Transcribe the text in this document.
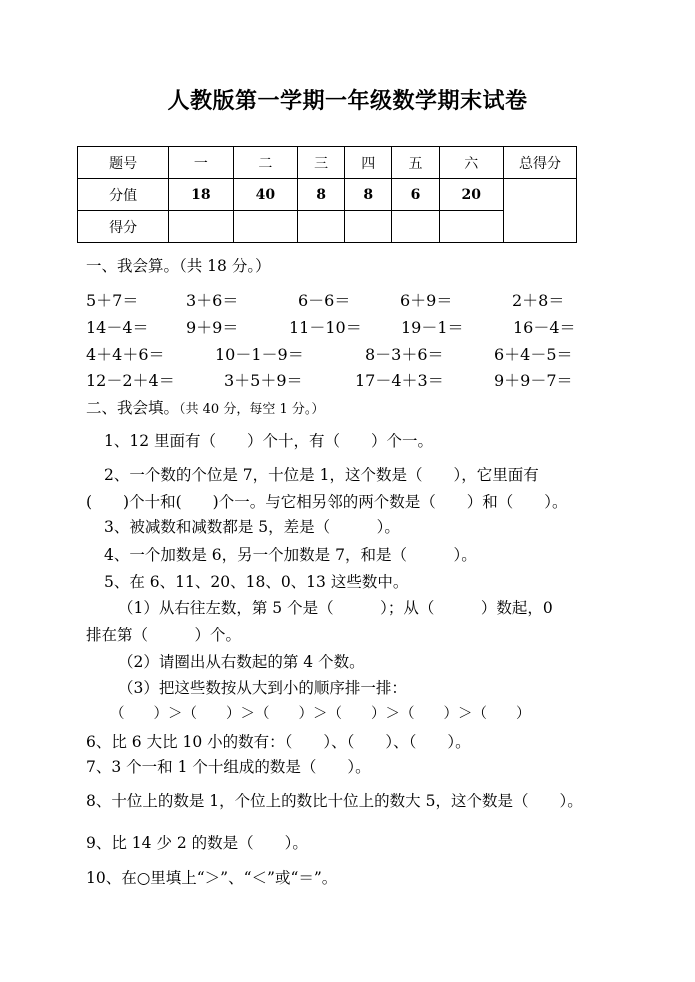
人教版第一学期一年级数学期末试卷
题号	一	二	三	四	五	六	总得分
分值	18	40	8	8	6	20	
得分							
一、我会算。（共 18 分。）
5＋7＝	3＋6＝	6－6＝	6＋9＝	2＋8＝
14－4＝ 9＋9＝	11－10＝ 19－1＝	16－4＝
4＋4＋6＝	10－1－9＝	8－3＋6＝	6＋4－5＝
12－2＋4＝	3＋5＋9＝	17－4＋3＝	9＋9－7＝
二、我会填。（共 40 分，每空 1 分。）
1、12 里面有（　　）个十，有（　　）个一。
2、一个数的个位是 7，十位是 1，这个数是（　　），它里面有
(　　)个十和(　　)个一。与它相另邻的两个数是（　　）和（　　）。
3、被减数和减数都是 5，差是（　　　）。
4、一个加数是 6，另一个加数是 7，和是（　　　）。
5、在 6、11、20、18、0、13 这些数中。
（1）从右往左数，第 5 个是（　　　）；从（　　　）数起，0
排在第（　　　）个。
（2）请圈出从右数起的第 4 个数。
（3）把这些数按从大到小的顺序排一排：
（　　）＞（　　）＞（　　）＞（　　）＞（　　）＞（　　）
6、比 6 大比 10 小的数有：（　　）、（　　）、（　　）。
7、3 个一和 1 个十组成的数是（　　）。
8、十位上的数是 1，个位上的数比十位上的数大 5，这个数是（　　）。
9、比 14 少 2 的数是（　　）。
10、在○里填上“＞”、“＜”或“＝”。
